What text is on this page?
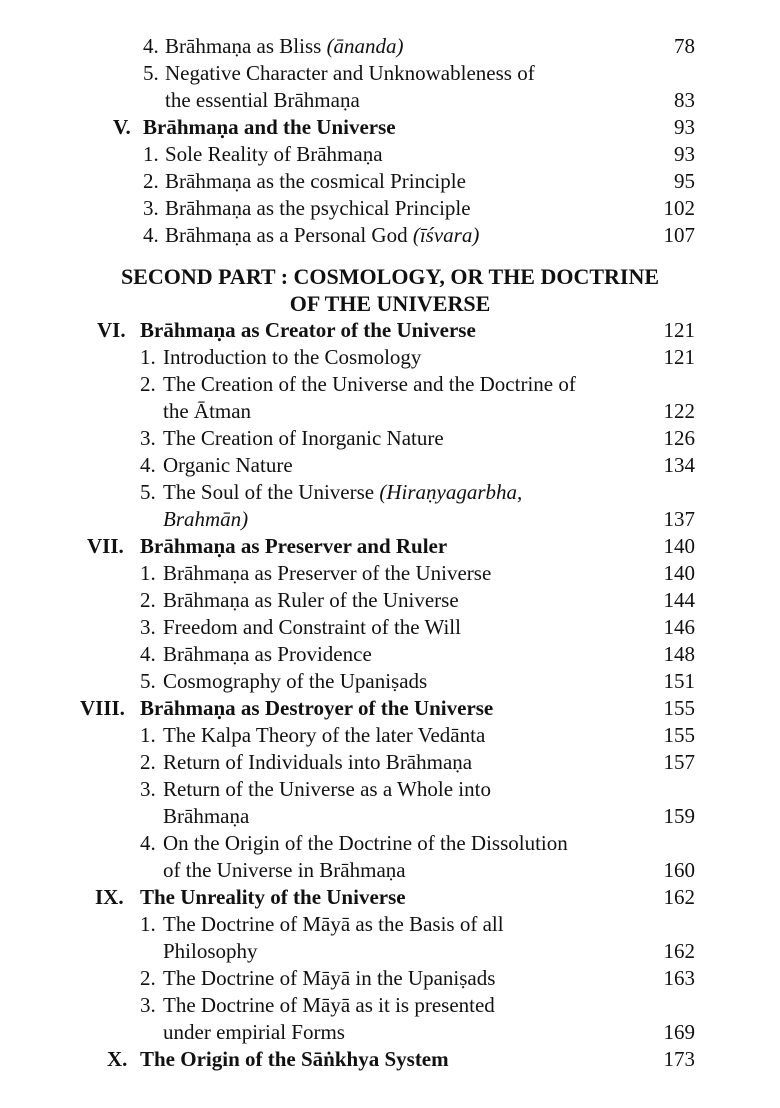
4. Brāhmaṇa as Bliss (ānanda)	78
5. Negative Character and Unknowableness of
the essential Brāhmaṇa	83
V. Brāhmaṇa and the Universe	93
1. Sole Reality of Brāhmaṇa	93
2. Brāhmaṇa as the cosmical Principle	95
3. Brāhmaṇa as the psychical Principle	102
4. Brāhmaṇa as a Personal God (īśvara)	107
SECOND PART : COSMOLOGY, OR THE DOCTRINE
OF THE UNIVERSE
VI. Brāhmaṇa as Creator of the Universe	121
1. Introduction to the Cosmology	121
2. The Creation of the Universe and the Doctrine of
the Ātman	122
3. The Creation of Inorganic Nature	126
4. Organic Nature	134
5. The Soul of the Universe (Hiraṇyagarbha,
Brahmān)	137
VII. Brāhmaṇa as Preserver and Ruler	140
1. Brāhmaṇa as Preserver of the Universe	140
2. Brāhmaṇa as Ruler of the Universe	144
3. Freedom and Constraint of the Will	146
4. Brāhmaṇa as Providence	148
5. Cosmography of the Upaniṣads	151
VIII. Brāhmaṇa as Destroyer of the Universe	155
1. The Kalpa Theory of the later Vedānta	155
2. Return of Individuals into Brāhmaṇa	157
3. Return of the Universe as a Whole into
Brāhmaṇa	159
4. On the Origin of the Doctrine of the Dissolution
of the Universe in Brāhmaṇa	160
IX. The Unreality of the Universe	162
1. The Doctrine of Māyā as the Basis of all
Philosophy	162
2. The Doctrine of Māyā in the Upaniṣads	163
3. The Doctrine of Māyā as it is presented
under empirial Forms	169
X. The Origin of the Sāṅkhya System	173
